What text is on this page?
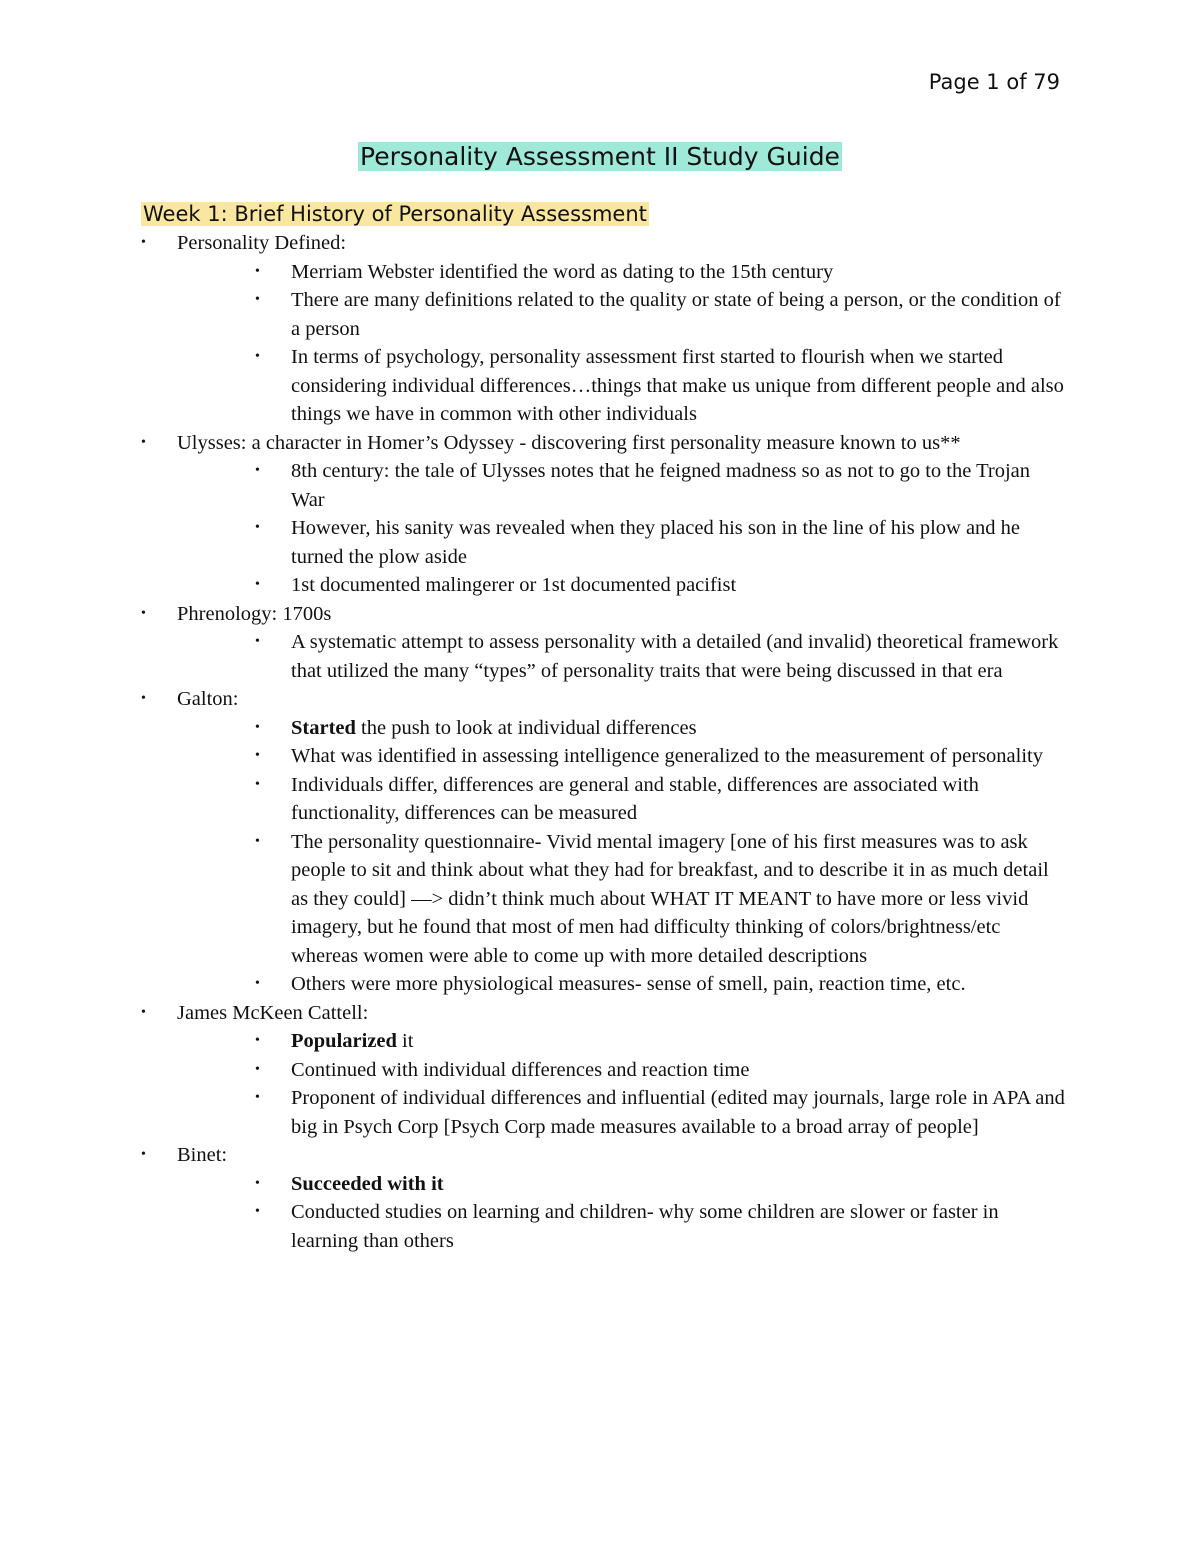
Page 1 of 79
Personality Assessment II Study Guide
Week 1: Brief History of Personality Assessment
• Personality Defined:
• Merriam Webster identified the word as dating to the 15th century
• There are many definitions related to the quality or state of being a person, or the condition of a person
• In terms of psychology, personality assessment first started to flourish when we started considering individual differences…things that make us unique from different people and also things we have in common with other individuals
• Ulysses: a character in Homer’s Odyssey - discovering first personality measure known to us**
• 8th century: the tale of Ulysses notes that he feigned madness so as not to go to the Trojan War
• However, his sanity was revealed when they placed his son in the line of his plow and he turned the plow aside
• 1st documented malingerer or 1st documented pacifist
• Phrenology: 1700s
• A systematic attempt to assess personality with a detailed (and invalid) theoretical framework that utilized the many “types” of personality traits that were being discussed in that era
• Galton:
• Started the push to look at individual differences
• What was identified in assessing intelligence generalized to the measurement of personality
• Individuals differ, differences are general and stable, differences are associated with functionality, differences can be measured
• The personality questionnaire- Vivid mental imagery [one of his first measures was to ask people to sit and think about what they had for breakfast, and to describe it in as much detail as they could] —> didn’t think much about WHAT IT MEANT to have more or less vivid imagery, but he found that most of men had difficulty thinking of colors/brightness/etc whereas women were able to come up with more detailed descriptions
• Others were more physiological measures- sense of smell, pain, reaction time, etc.
• James McKeen Cattell:
• Popularized it
• Continued with individual differences and reaction time
• Proponent of individual differences and influential (edited may journals, large role in APA and big in Psych Corp [Psych Corp made measures available to a broad array of people]
• Binet:
• Succeeded with it
• Conducted studies on learning and children- why some children are slower or faster in learning than others
